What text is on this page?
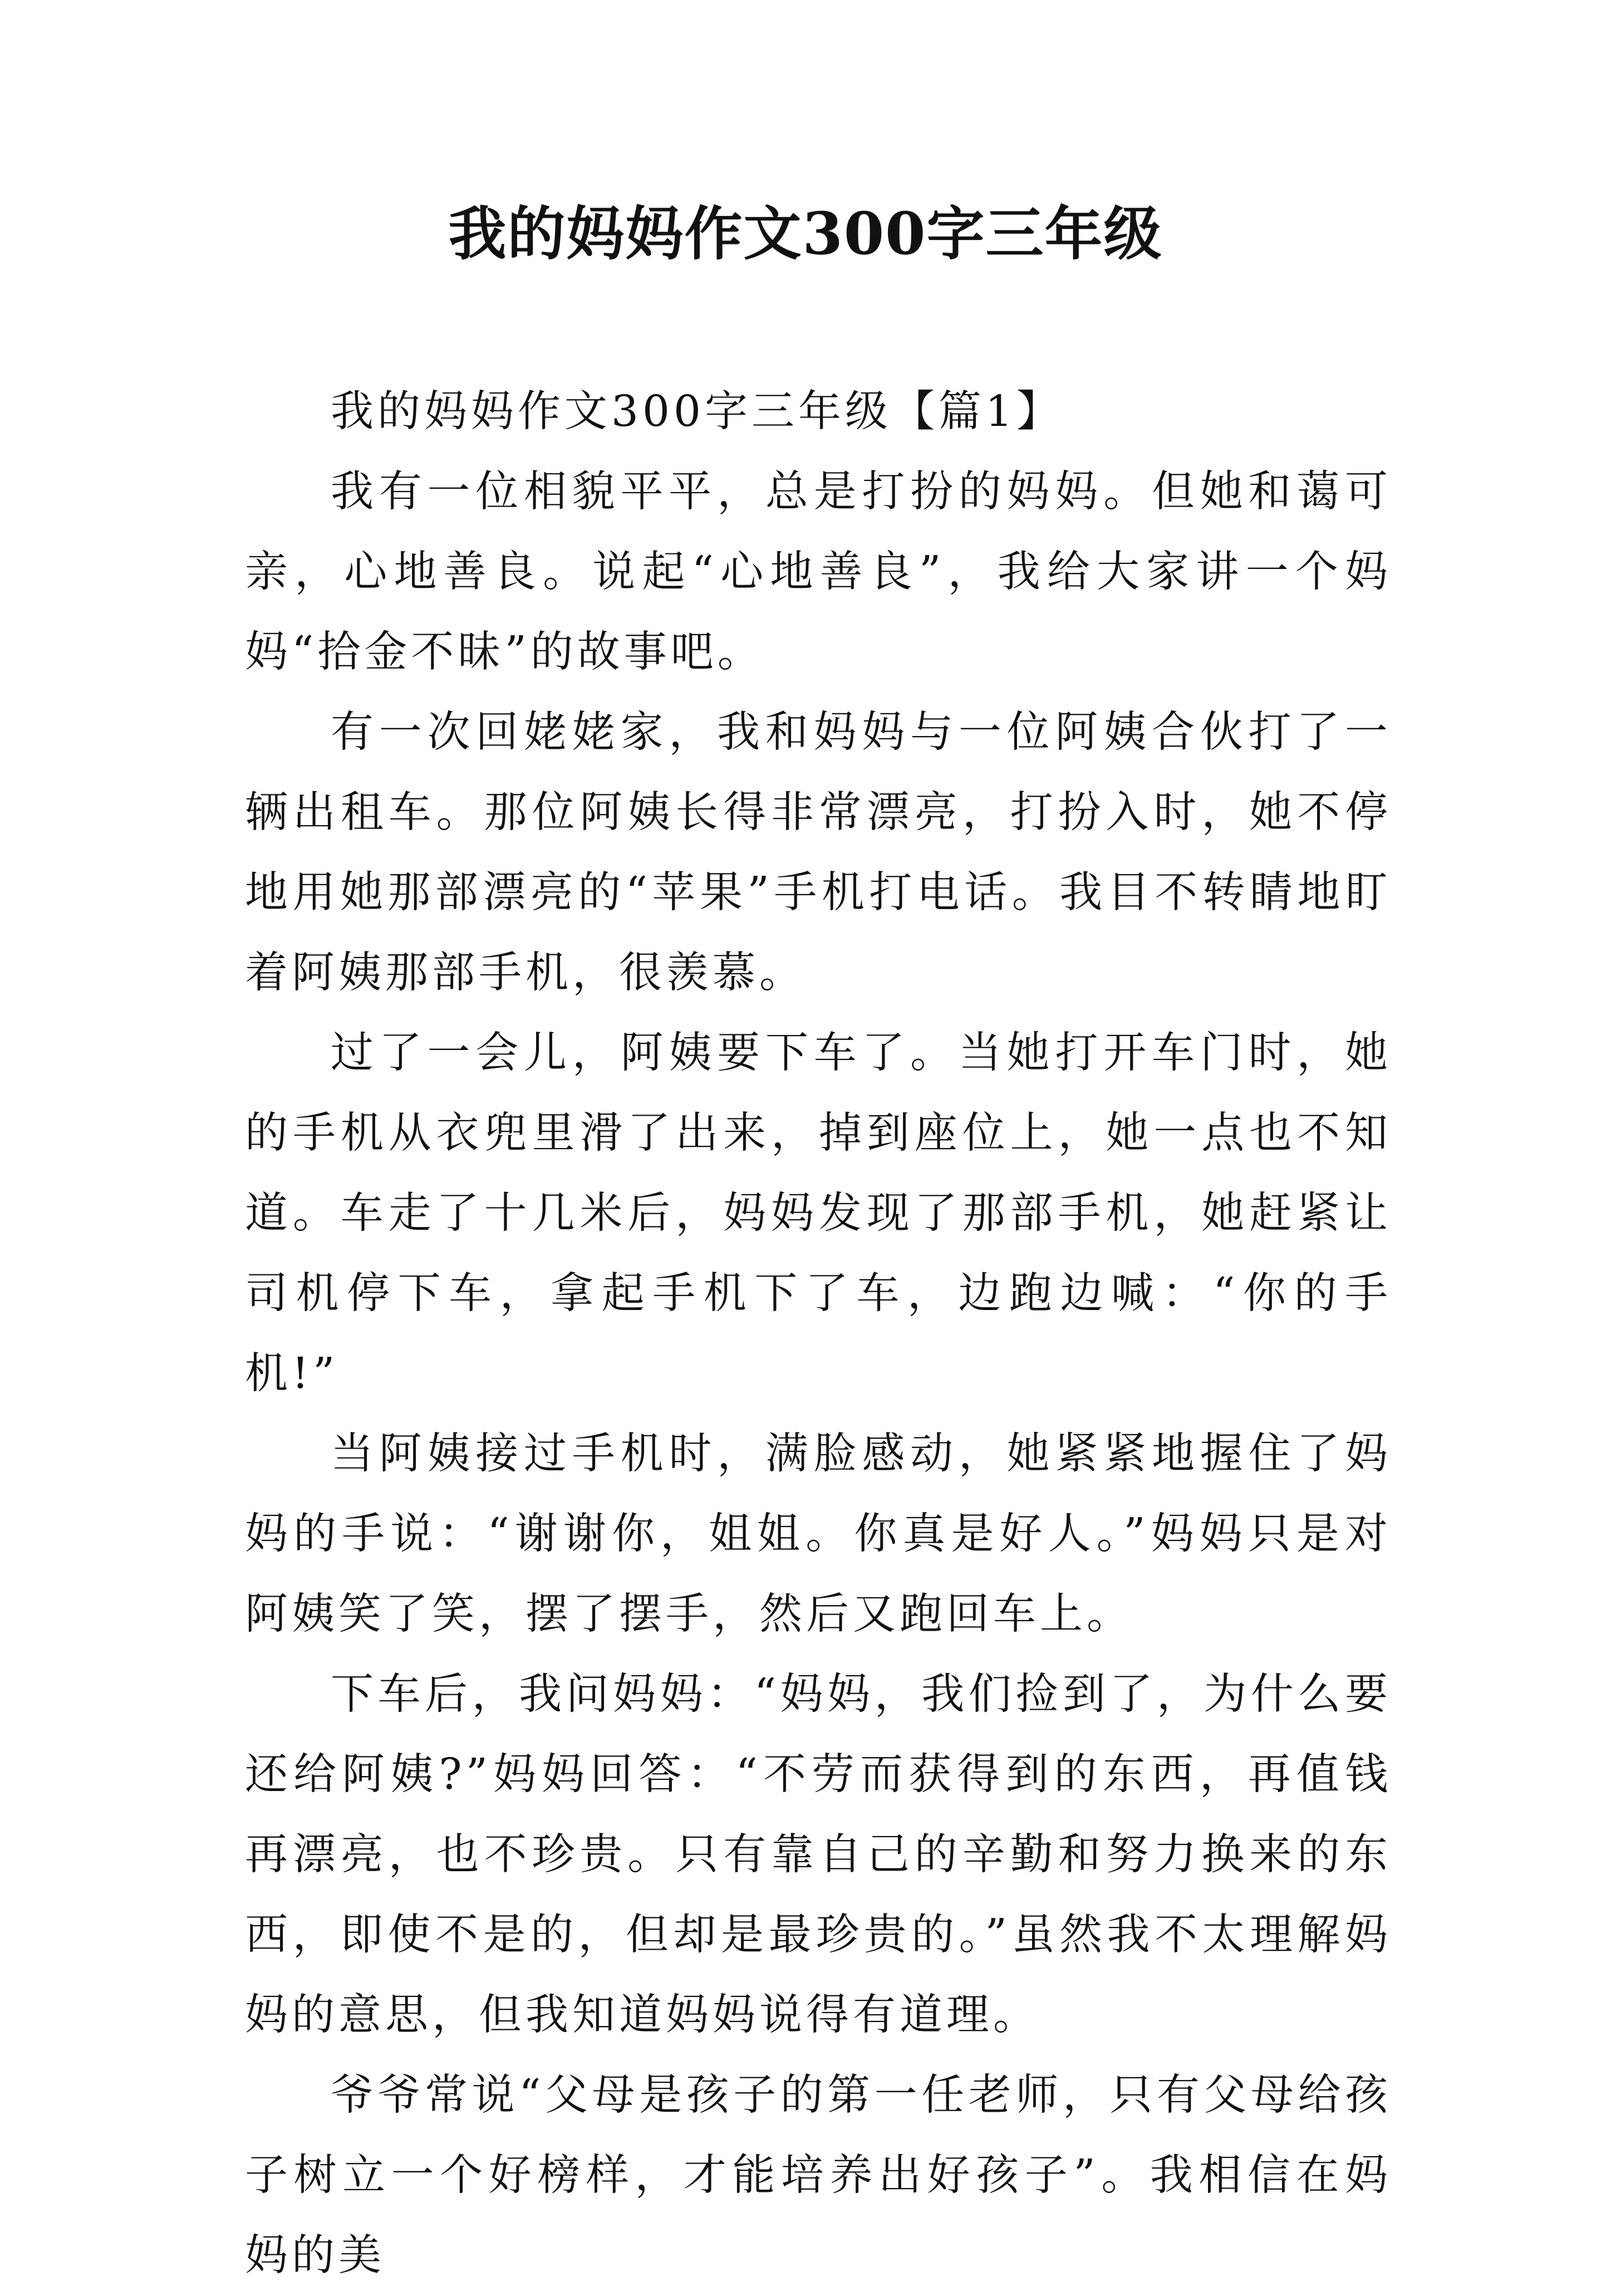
我的妈妈作文300字三年级

我的妈妈作文300字三年级【篇1】

我有一位相貌平平，总是打扮的妈妈。但她和蔼可亲，心地善良。说起“心地善良”，我给大家讲一个妈妈“拾金不昧”的故事吧。

有一次回姥姥家，我和妈妈与一位阿姨合伙打了一辆出租车。那位阿姨长得非常漂亮，打扮入时，她不停地用她那部漂亮的“苹果”手机打电话。我目不转睛地盯着阿姨那部手机，很羡慕。

过了一会儿，阿姨要下车了。当她打开车门时，她的手机从衣兜里滑了出来，掉到座位上，她一点也不知道。车走了十几米后，妈妈发现了那部手机，她赶紧让司机停下车，拿起手机下了车，边跑边喊：“你的手机!”

当阿姨接过手机时，满脸感动，她紧紧地握住了妈妈的手说：“谢谢你，姐姐。你真是好人。”妈妈只是对阿姨笑了笑，摆了摆手，然后又跑回车上。

下车后，我问妈妈：“妈妈，我们捡到了，为什么要还给阿姨?”妈妈回答：“不劳而获得到的东西，再值钱再漂亮，也不珍贵。只有靠自己的辛勤和努力换来的东西，即使不是的，但却是最珍贵的。”虽然我不太理解妈妈的意思，但我知道妈妈说得有道理。

爷爷常说“父母是孩子的第一任老师，只有父母给孩子树立一个好榜样，才能培养出好孩子”。我相信在妈妈的美
